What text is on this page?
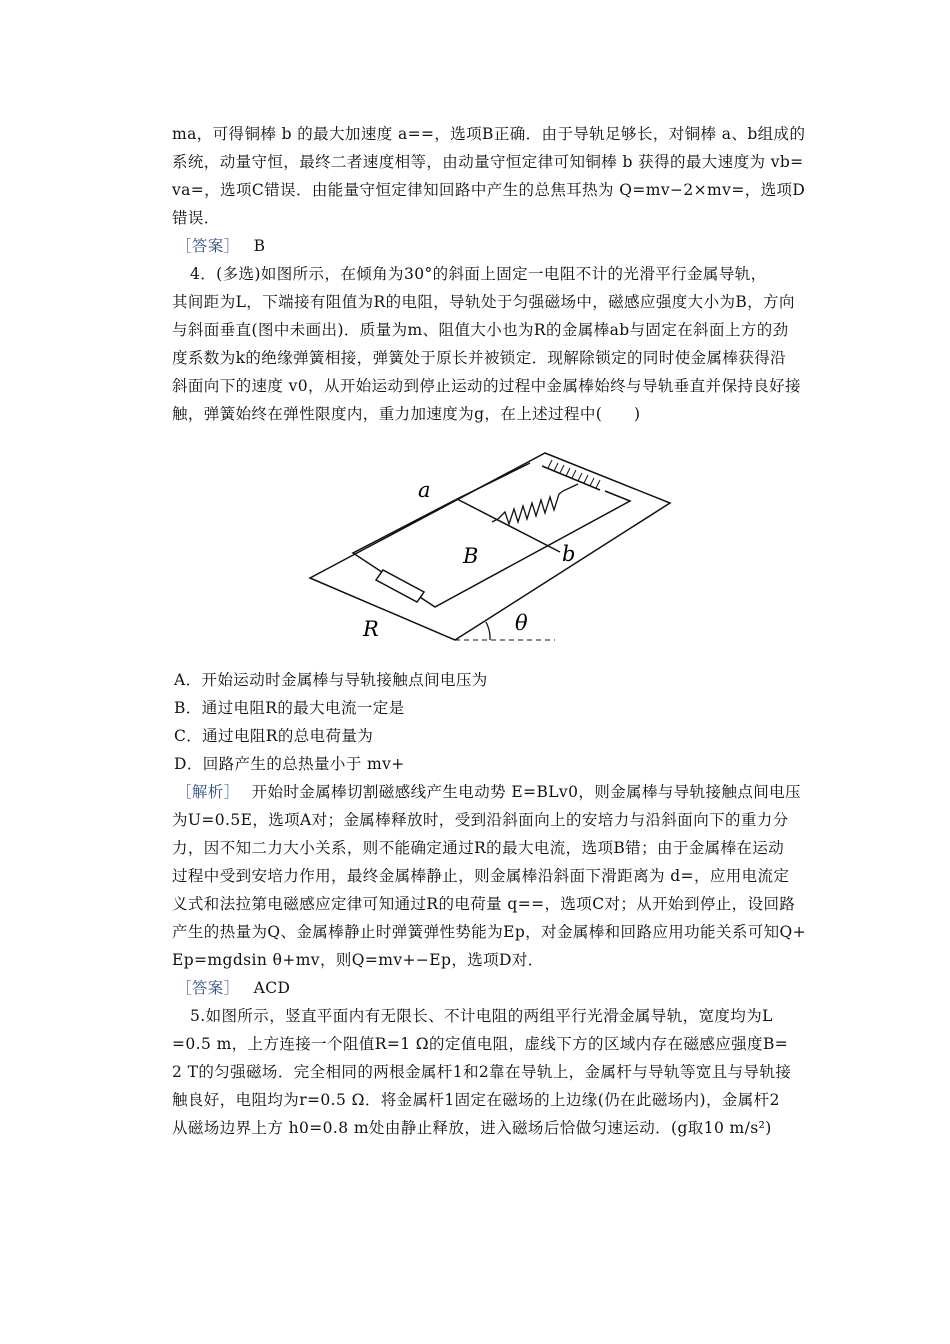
ma，可得铜棒 b 的最大加速度 a==，选项B正确．由于导轨足够长，对铜棒 a、b组成的
系统，动量守恒，最终二者速度相等，由动量守恒定律可知铜棒 b 获得的最大速度为 vb=
va=，选项C错误．由能量守恒定律知回路中产生的总焦耳热为 Q=mv−2×mv=，选项D
错误．
［答案］ B
4．(多选)如图所示，在倾角为30°的斜面上固定一电阻不计的光滑平行金属导轨，
其间距为L，下端接有阻值为R的电阻，导轨处于匀强磁场中，磁感应强度大小为B，方向
与斜面垂直(图中未画出)．质量为m、阻值大小也为R的金属棒ab与固定在斜面上方的劲
度系数为k的绝缘弹簧相接，弹簧处于原长并被锁定．现解除锁定的同时使金属棒获得沿
斜面向下的速度 v0，从开始运动到停止运动的过程中金属棒始终与导轨垂直并保持良好接
触，弹簧始终在弹性限度内，重力加速度为g，在上述过程中(　　)
a
b
B
R	θ
A．开始运动时金属棒与导轨接触点间电压为
B．通过电阻R的最大电流一定是
C．通过电阻R的总电荷量为
D．回路产生的总热量小于 mv+
［解析］ 开始时金属棒切割磁感线产生电动势 E=BLv0，则金属棒与导轨接触点间电压
为U=0.5E，选项A对；金属棒释放时，受到沿斜面向上的安培力与沿斜面向下的重力分
力，因不知二力大小关系，则不能确定通过R的最大电流，选项B错；由于金属棒在运动
过程中受到安培力作用，最终金属棒静止，则金属棒沿斜面下滑距离为 d=，应用电流定
义式和法拉第电磁感应定律可知通过R的电荷量 q==，选项C对；从开始到停止，设回路
产生的热量为Q、金属棒静止时弹簧弹性势能为Ep，对金属棒和回路应用功能关系可知Q+
Ep=mgdsin θ+mv，则Q=mv+−Ep，选项D对．
［答案］ ACD
5.如图所示，竖直平面内有无限长、不计电阻的两组平行光滑金属导轨，宽度均为L
=0.5 m，上方连接一个阻值R=1 Ω的定值电阻，虚线下方的区域内存在磁感应强度B=
2 T的匀强磁场．完全相同的两根金属杆1和2靠在导轨上，金属杆与导轨等宽且与导轨接
触良好，电阻均为r=0.5 Ω．将金属杆1固定在磁场的上边缘(仍在此磁场内)，金属杆2
从磁场边界上方 h0=0.8 m处由静止释放，进入磁场后恰做匀速运动．(g取10 m/s²)
